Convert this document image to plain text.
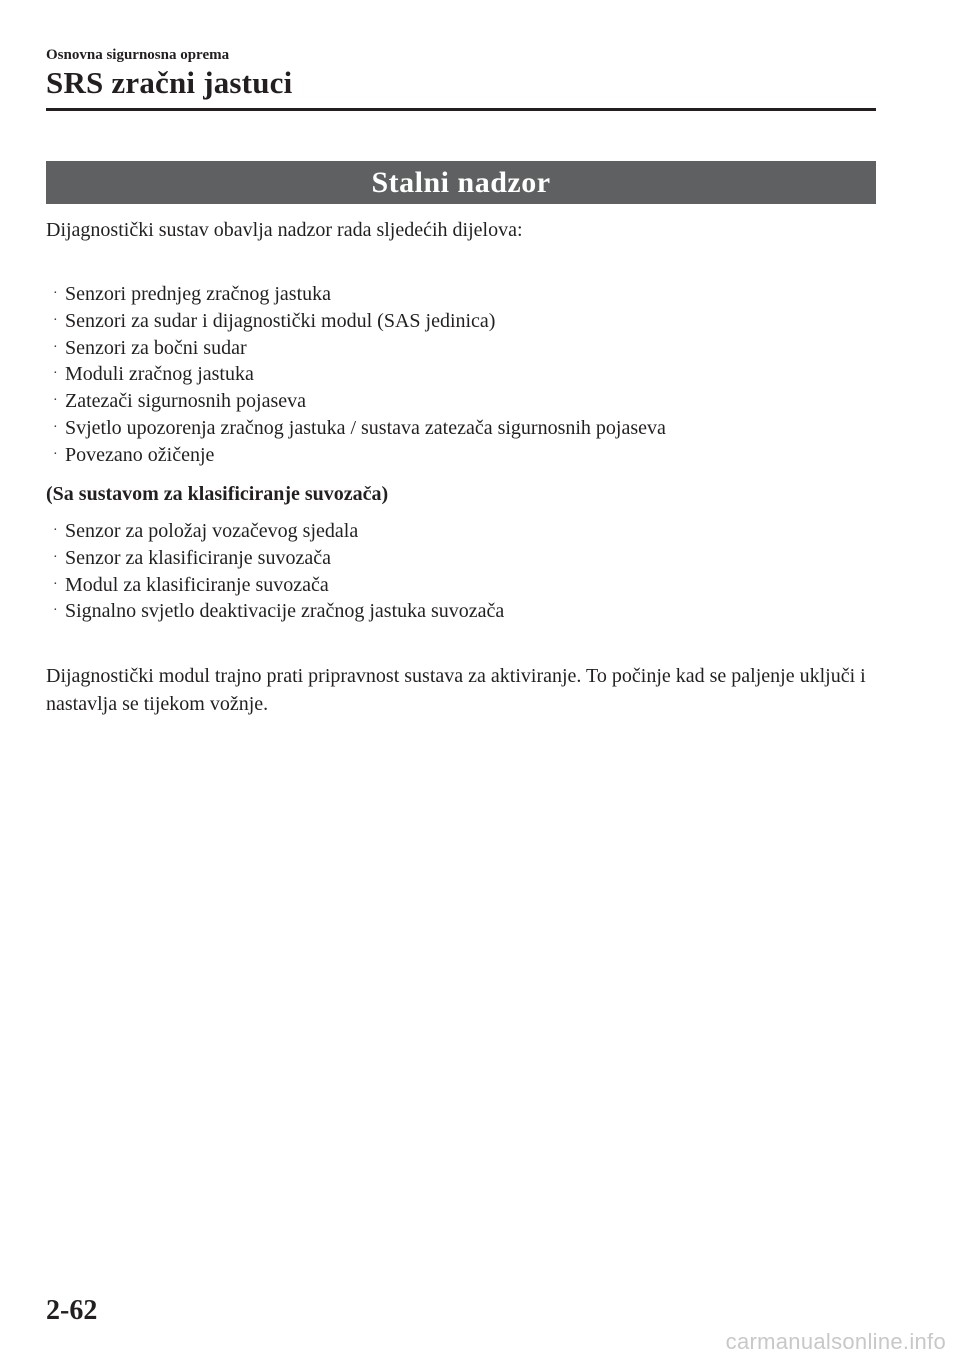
Osnovna sigurnosna oprema
SRS zračni jastuci
Stalni nadzor
Dijagnostički sustav obavlja nadzor rada sljedećih dijelova:
· Senzori prednjeg zračnog jastuka
· Senzori za sudar i dijagnostički modul (SAS jedinica)
· Senzori za bočni sudar
· Moduli zračnog jastuka
· Zatezači sigurnosnih pojaseva
· Svjetlo upozorenja zračnog jastuka / sustava zatezača sigurnosnih pojaseva
· Povezano ožičenje
(Sa sustavom za klasificiranje suvozača)
· Senzor za položaj vozačevog sjedala
· Senzor za klasificiranje suvozača
· Modul za klasificiranje suvozača
· Signalno svjetlo deaktivacije zračnog jastuka suvozača
Dijagnostički modul trajno prati pripravnost sustava za aktiviranje. To počinje kad se paljenje uključi i nastavlja se tijekom vožnje.
2-62
carmanualsonline.info
